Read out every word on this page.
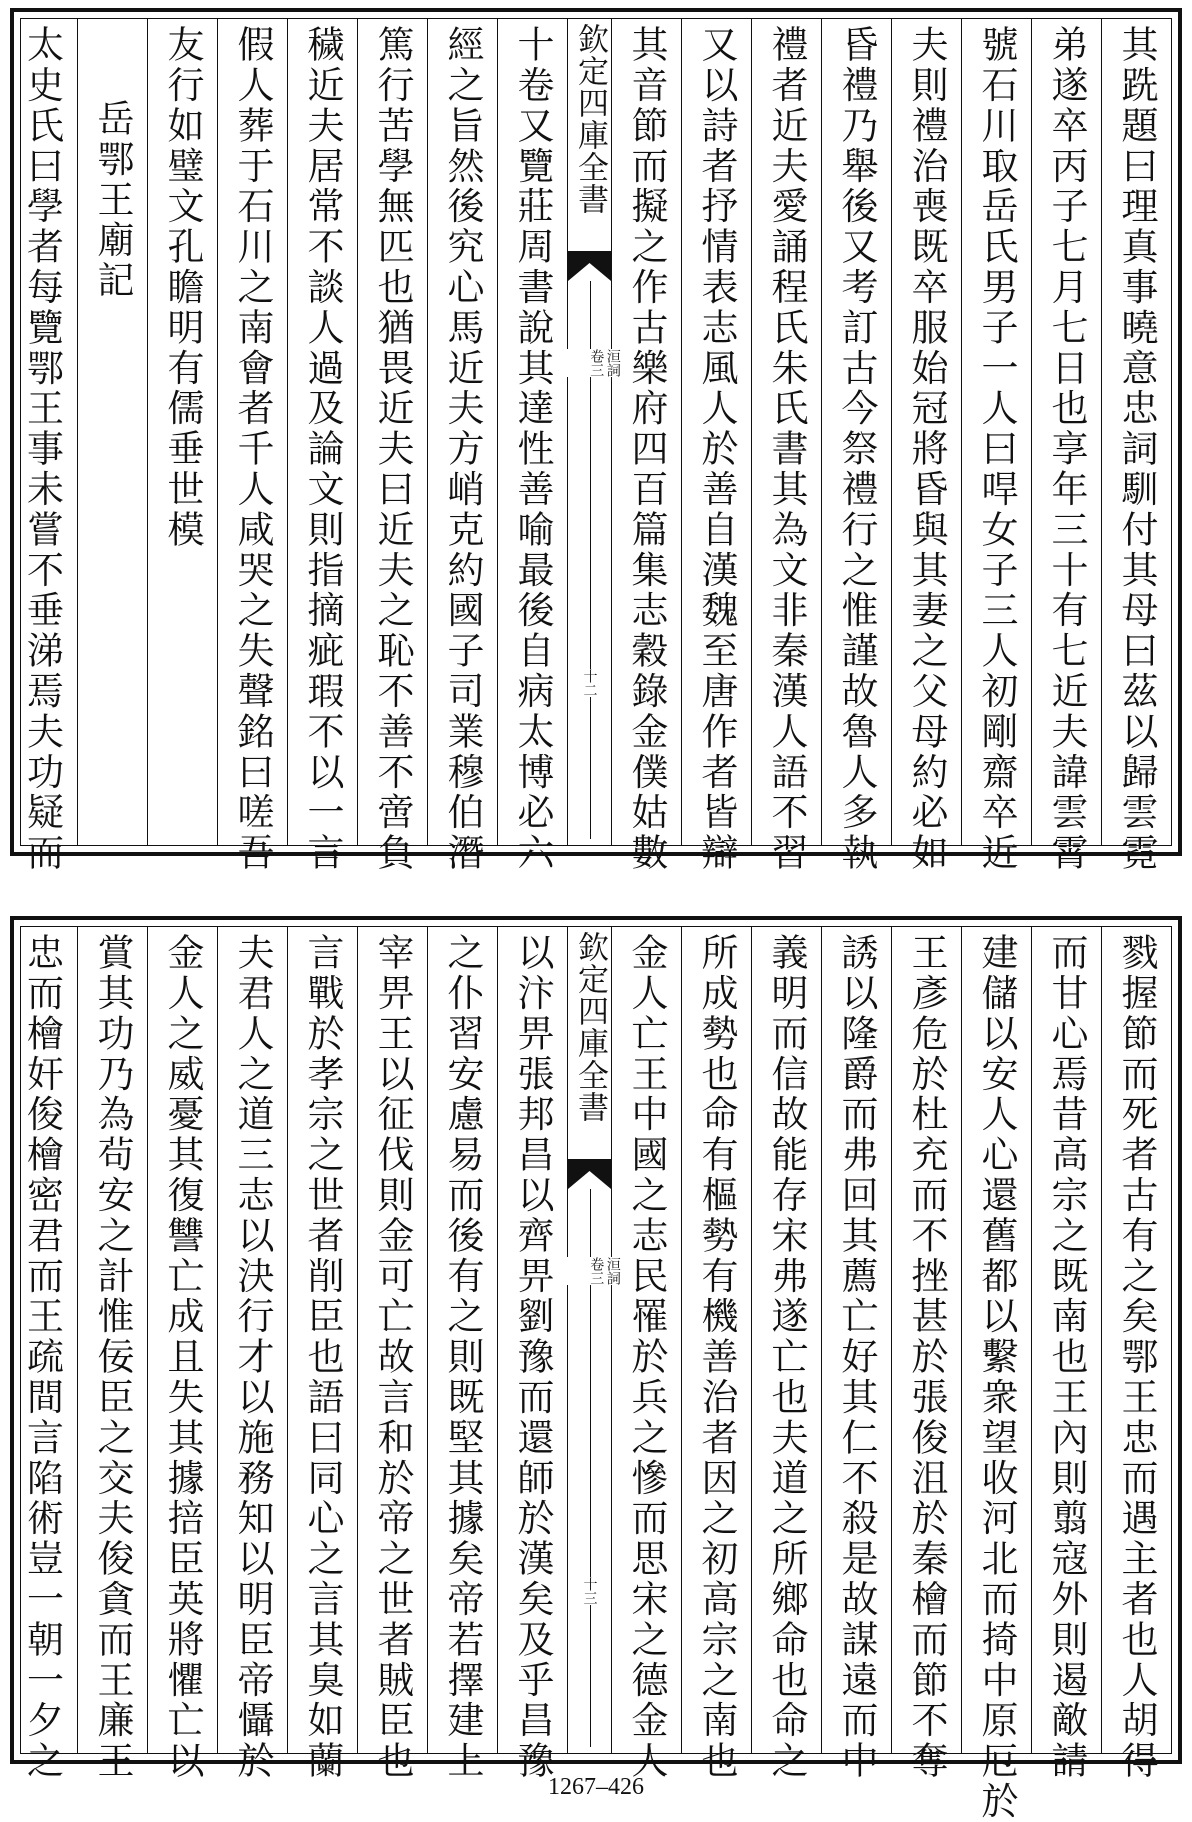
其跣題曰理真事曉意忠詞馴付其母曰茲以歸雲霓
弟遂卒丙子七月七日也享年三十有七近夫諱雲霄
號石川取岳氏男子一人曰哻女子三人初剛齋卒近
夫則禮治喪既卒服始冠將昏與其妻之父母約必如
昏禮乃舉後又考訂古今祭禮行之惟謹故魯人多執
禮者近夫愛誦程氏朱氏書其為文非秦漢人語不習
又以詩者抒情表志風人於善自漢魏至唐作者皆辯
其音節而擬之作古樂府四百篇集志穀錄金僕姑數
欽定四庫全書
洹詞
卷三
十二
十卷又覽莊周書說其達性善喻最後自病太博必六
經之旨然後究心馬近夫方峭克約國子司業穆伯潛
篤行苦學無匹也猶畏近夫曰近夫之恥不善不啻負
穢近夫居常不談人過及論文則指摘疵瑕不以一言
假人葬于石川之南會者千人咸哭之失聲銘曰嗟吾
友行如璧文孔瞻明有儒垂世模
岳鄂王廟記
太史氏曰學者每覽鄂王事未嘗不垂涕焉夫功疑而
戮握節而死者古有之矣鄂王忠而遇主者也人胡得
而甘心焉昔高宗之既南也王內則翦寇外則遏敵請
建儲以安人心還舊都以繫衆望收河北而掎中原厄於
王彥危於杜充而不挫甚於張俊沮於秦檜而節不奪
誘以隆爵而弗回其薦亡好其仁不殺是故謀遠而中
義明而信故能存宋弗遂亡也夫道之所鄉命也命之
所成勢也命有樞勢有機善治者因之初高宗之南也
金人亡王中國之志民罹於兵之慘而思宋之德金人
欽定四庫全書
洹詞
卷三
十三
以汴畀張邦昌以齊畀劉豫而還師於漢矣及乎昌豫
之仆習安慮易而後有之則既堅其據矣帝若擇建上
宰畀王以征伐則金可亡故言和於帝之世者賊臣也
言戰於孝宗之世者削臣也語曰同心之言其臭如蘭
夫君人之道三志以決行才以施務知以明臣帝懾於
金人之威憂其復讐亡成且失其據掊臣英將懼亡以
賞其功乃為茍安之計惟佞臣之交夫俊貪而王廉王
忠而檜奸俊檜密君而王疏間言陷術豈一朝一夕之
1267–426
